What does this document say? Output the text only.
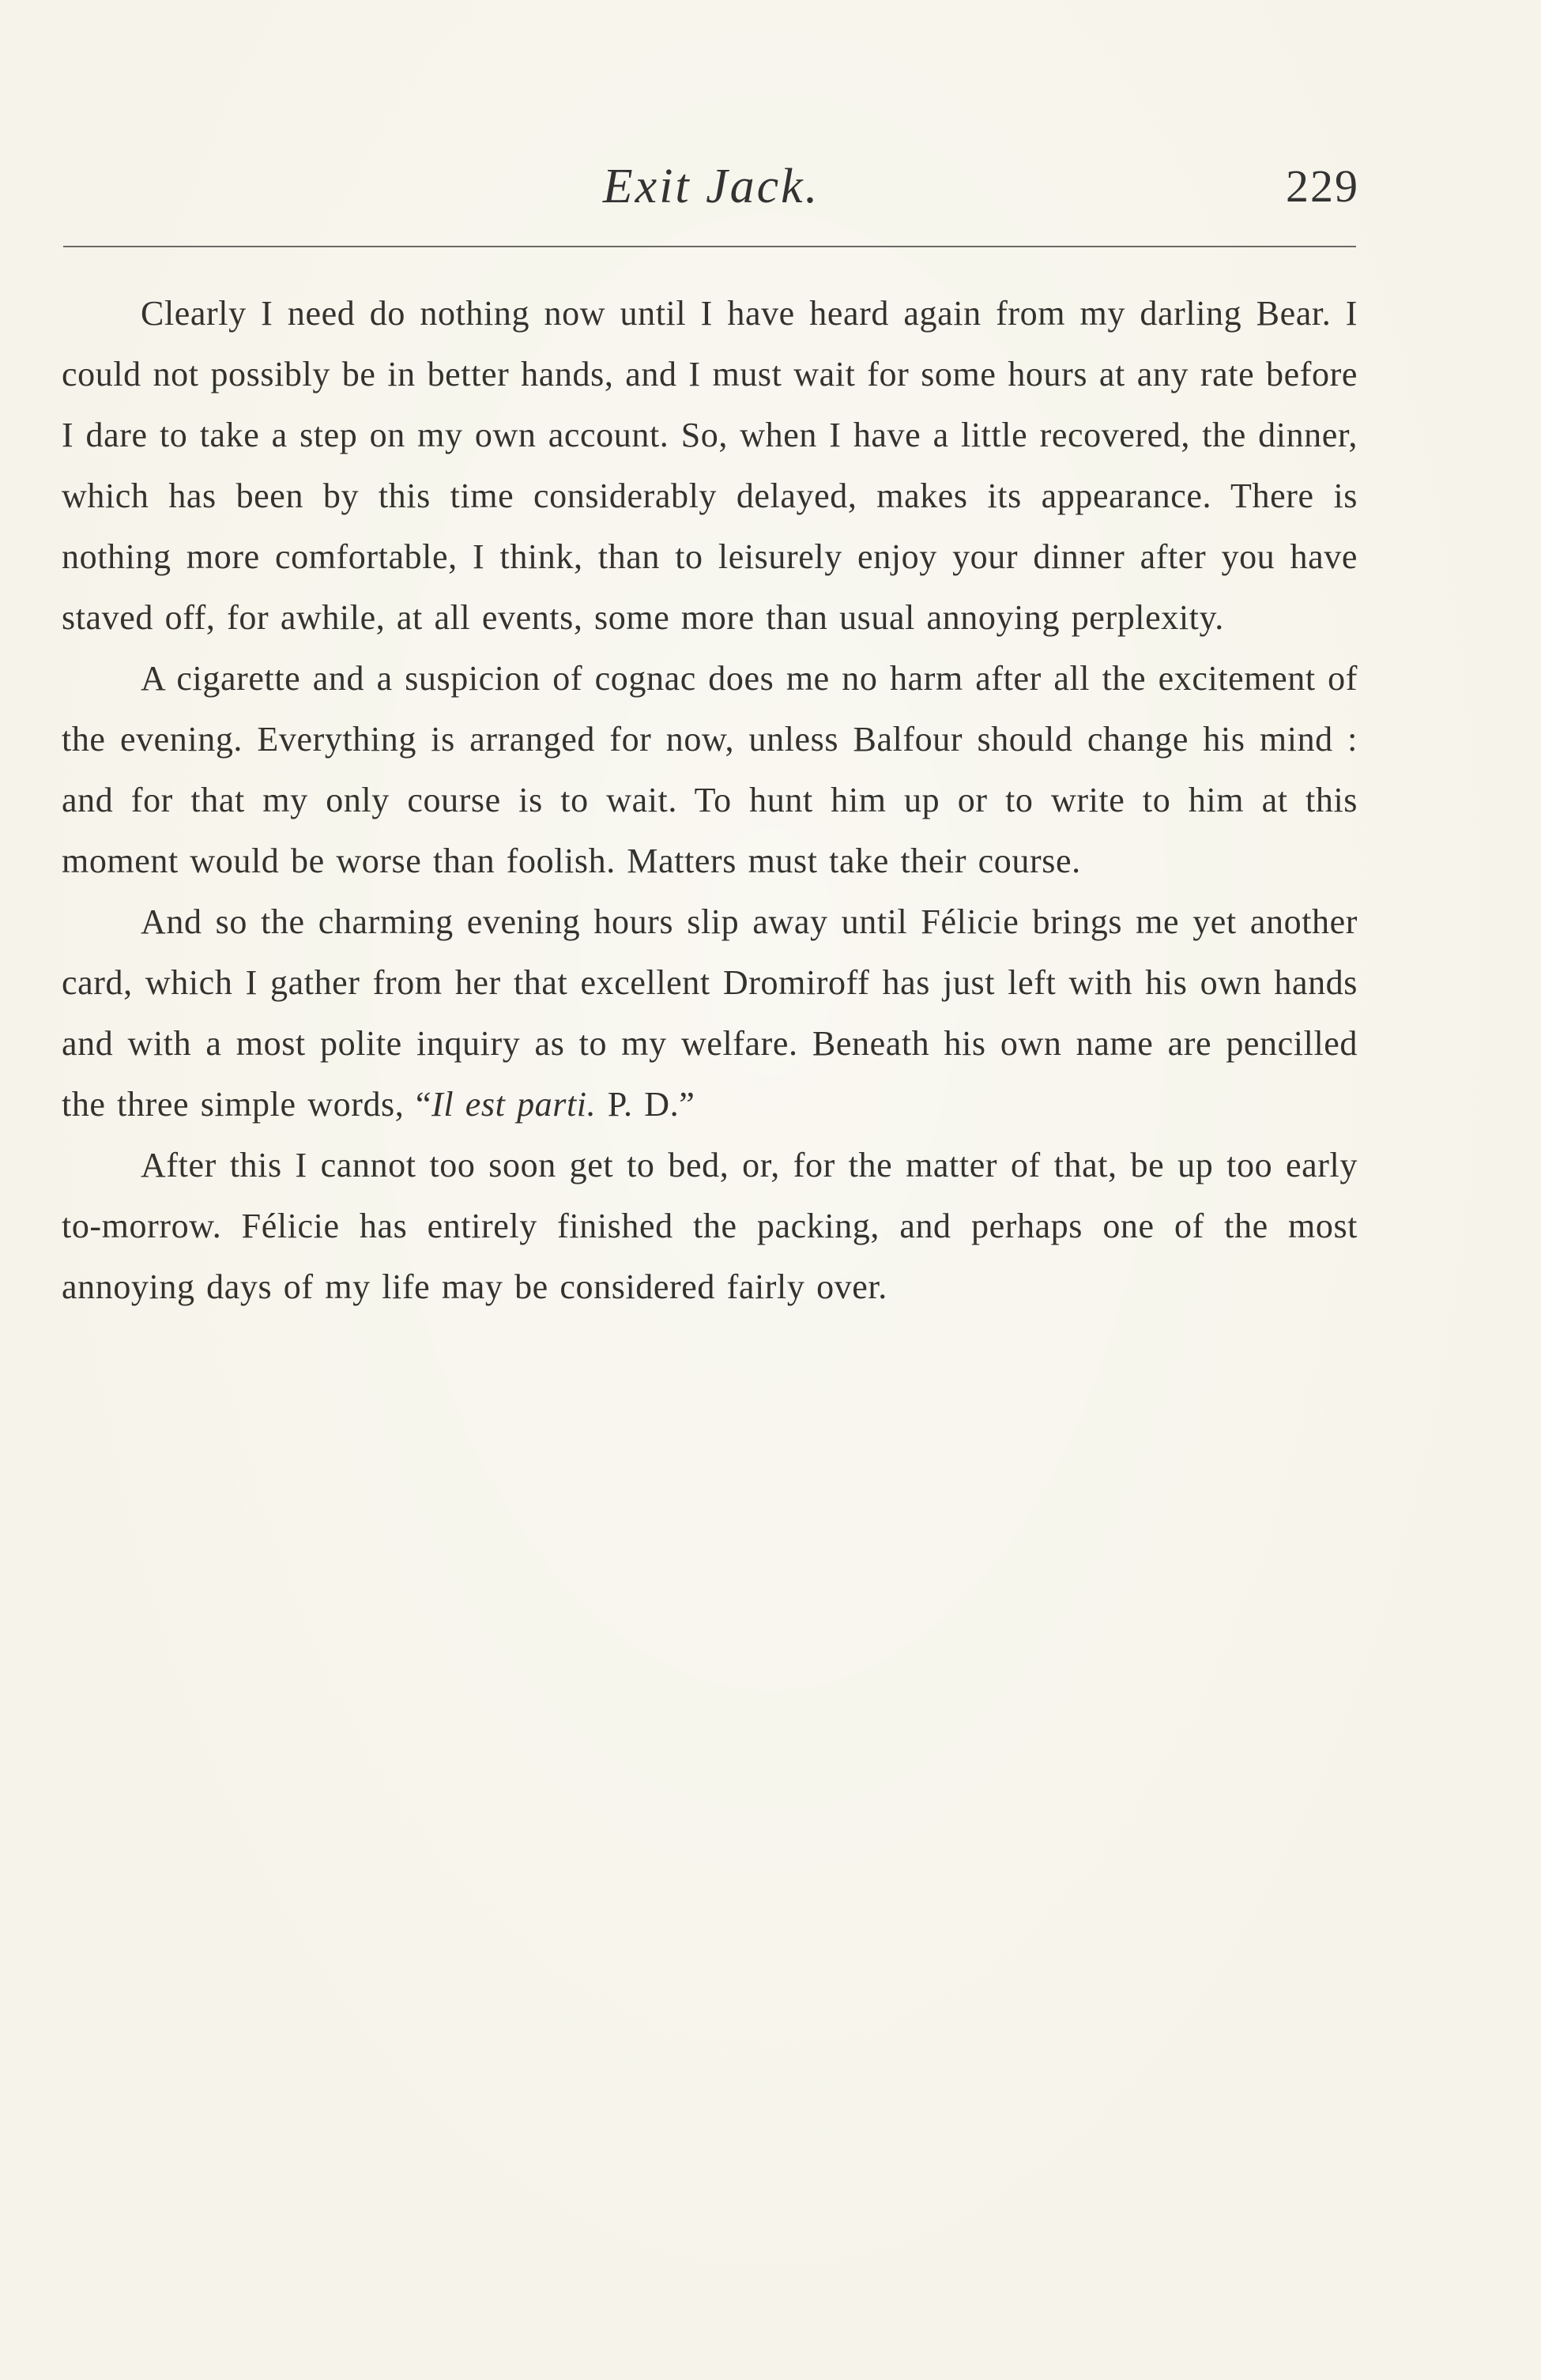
Exit Jack.	229

Clearly I need do nothing now until I have heard again from my darling Bear. I could not possibly be in better hands, and I must wait for some hours at any rate before I dare to take a step on my own account. So, when I have a little recovered, the dinner, which has been by this time considerably delayed, makes its appearance. There is nothing more comfortable, I think, than to leisurely enjoy your dinner after you have staved off, for awhile, at all events, some more than usual annoying perplexity.

A cigarette and a suspicion of cognac does me no harm after all the excitement of the evening. Everything is arranged for now, unless Balfour should change his mind : and for that my only course is to wait. To hunt him up or to write to him at this moment would be worse than foolish. Matters must take their course.

And so the charming evening hours slip away until Félicie brings me yet another card, which I gather from her that excellent Dromiroff has just left with his own hands and with a most polite inquiry as to my welfare. Beneath his own name are pencilled the three simple words, “Il est parti. P. D.”

After this I cannot too soon get to bed, or, for the matter of that, be up too early to-morrow. Félicie has entirely finished the packing, and perhaps one of the most annoying days of my life may be considered fairly over.
